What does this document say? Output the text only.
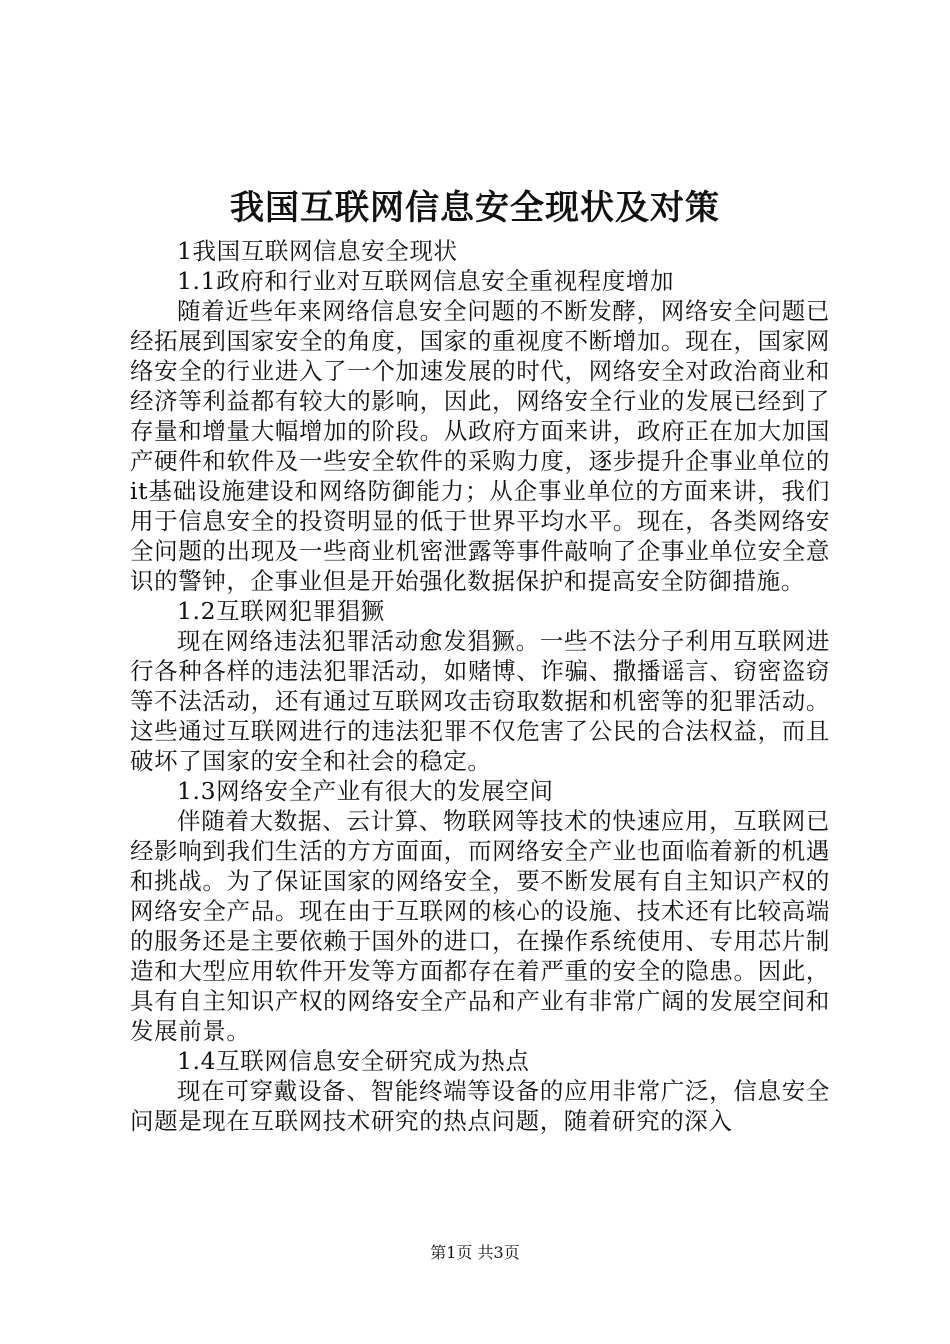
我国互联网信息安全现状及对策

1我国互联网信息安全现状

1.1政府和行业对互联网信息安全重视程度增加

随着近些年来网络信息安全问题的不断发酵，网络安全问题已经拓展到国家安全的角度，国家的重视度不断增加。现在，国家网络安全的行业进入了一个加速发展的时代，网络安全对政治商业和经济等利益都有较大的影响，因此，网络安全行业的发展已经到了存量和增量大幅增加的阶段。从政府方面来讲，政府正在加大加国产硬件和软件及一些安全软件的采购力度，逐步提升企事业单位的it基础设施建设和网络防御能力；从企事业单位的方面来讲，我们用于信息安全的投资明显的低于世界平均水平。现在，各类网络安全问题的出现及一些商业机密泄露等事件敲响了企事业单位安全意识的警钟，企事业但是开始强化数据保护和提高安全防御措施。

1.2互联网犯罪猖獗

现在网络违法犯罪活动愈发猖獗。一些不法分子利用互联网进行各种各样的违法犯罪活动，如赌博、诈骗、撒播谣言、窃密盗窃等不法活动，还有通过互联网攻击窃取数据和机密等的犯罪活动。这些通过互联网进行的违法犯罪不仅危害了公民的合法权益，而且破坏了国家的安全和社会的稳定。

1.3网络安全产业有很大的发展空间

伴随着大数据、云计算、物联网等技术的快速应用，互联网已经影响到我们生活的方方面面，而网络安全产业也面临着新的机遇和挑战。为了保证国家的网络安全，要不断发展有自主知识产权的网络安全产品。现在由于互联网的核心的设施、技术还有比较高端的服务还是主要依赖于国外的进口，在操作系统使用、专用芯片制造和大型应用软件开发等方面都存在着严重的安全的隐患。因此，具有自主知识产权的网络安全产品和产业有非常广阔的发展空间和发展前景。

1.4互联网信息安全研究成为热点

现在可穿戴设备、智能终端等设备的应用非常广泛，信息安全问题是现在互联网技术研究的热点问题，随着研究的深入

第1页 共3页
